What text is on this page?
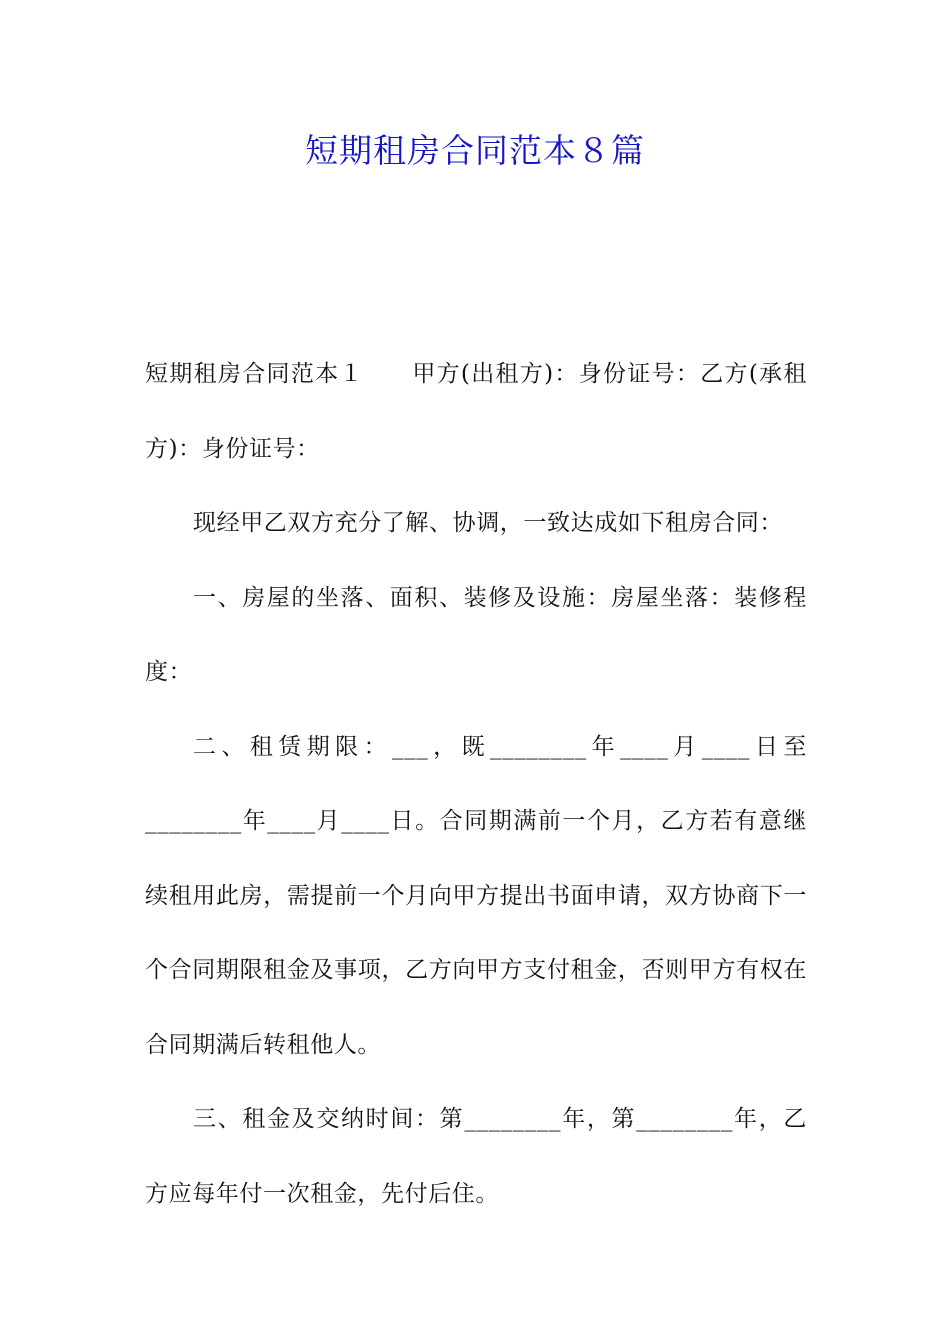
短期租房合同范本８篇

短期租房合同范本１　　甲方(出租方)：身份证号：乙方(承租方)：身份证号：

现经甲乙双方充分了解、协调，一致达成如下租房合同：

一、房屋的坐落、面积、装修及设施：房屋坐落：装修程度：

二、租赁期限：___，既________年____月____日至________年____月____日。合同期满前一个月，乙方若有意继续租用此房，需提前一个月向甲方提出书面申请，双方协商下一个合同期限租金及事项，乙方向甲方支付租金，否则甲方有权在合同期满后转租他人。

三、租金及交纳时间：第________年，第________年，乙方应每年付一次租金，先付后住。
